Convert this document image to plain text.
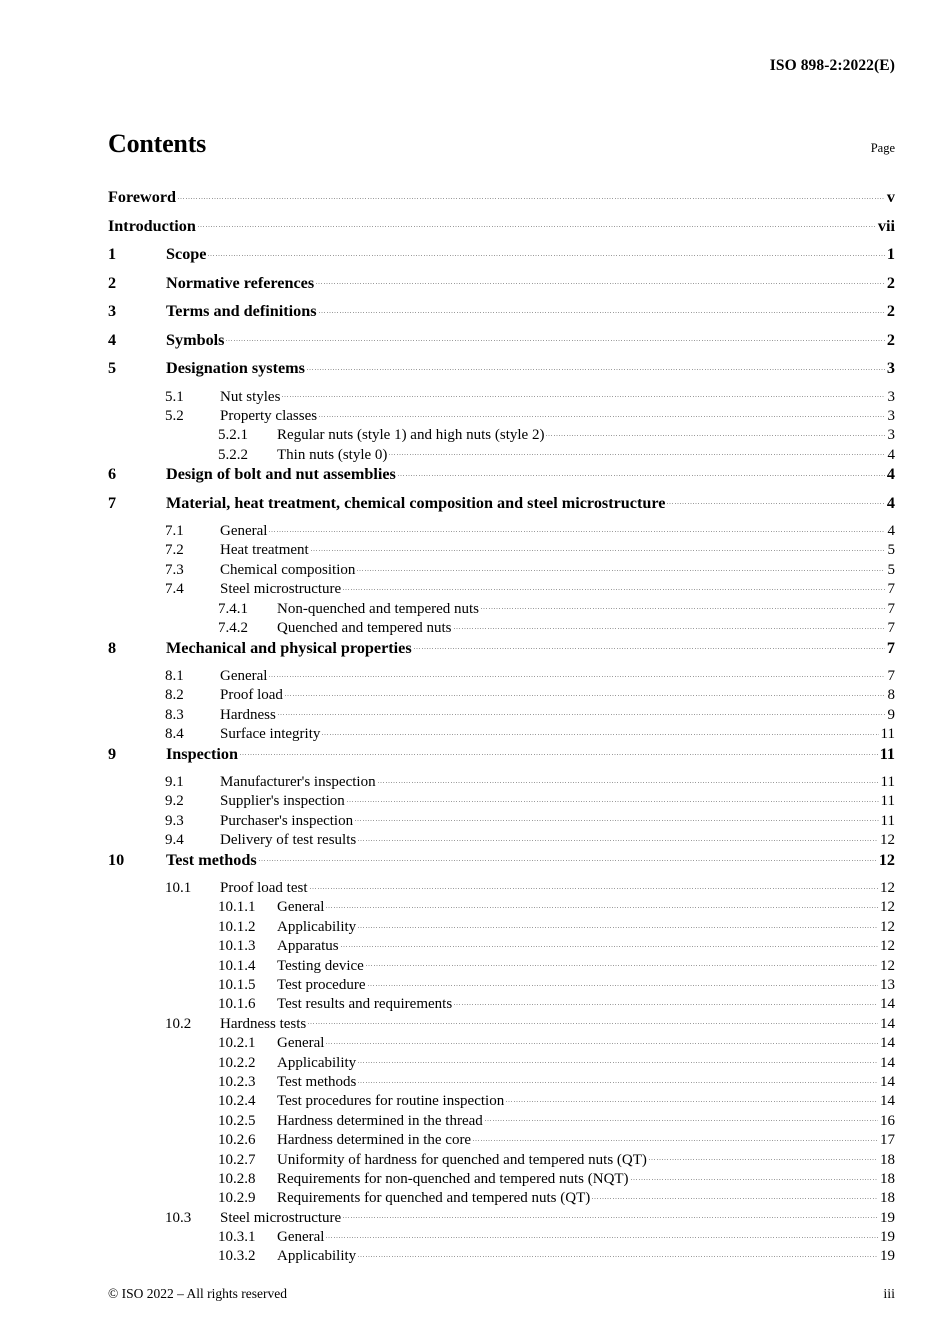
ISO 898-2:2022(E)
Contents	Page
Foreword	v
Introduction	vii
1	Scope	1
2	Normative references	2
3	Terms and definitions	2
4	Symbols	2
5	Designation systems	3
5.1	Nut styles	3
5.2	Property classes	3
5.2.1	Regular nuts (style 1) and high nuts (style 2)	3
5.2.2	Thin nuts (style 0)	4
6	Design of bolt and nut assemblies	4
7	Material, heat treatment, chemical composition and steel microstructure	4
7.1	General	4
7.2	Heat treatment	5
7.3	Chemical composition	5
7.4	Steel microstructure	7
7.4.1	Non-quenched and tempered nuts	7
7.4.2	Quenched and tempered nuts	7
8	Mechanical and physical properties	7
8.1	General	7
8.2	Proof load	8
8.3	Hardness	9
8.4	Surface integrity	11
9	Inspection	11
9.1	Manufacturer's inspection	11
9.2	Supplier's inspection	11
9.3	Purchaser's inspection	11
9.4	Delivery of test results	12
10	Test methods	12
10.1	Proof load test	12
10.1.1	General	12
10.1.2	Applicability	12
10.1.3	Apparatus	12
10.1.4	Testing device	12
10.1.5	Test procedure	13
10.1.6	Test results and requirements	14
10.2	Hardness tests	14
10.2.1	General	14
10.2.2	Applicability	14
10.2.3	Test methods	14
10.2.4	Test procedures for routine inspection	14
10.2.5	Hardness determined in the thread	16
10.2.6	Hardness determined in the core	17
10.2.7	Uniformity of hardness for quenched and tempered nuts (QT)	18
10.2.8	Requirements for non-quenched and tempered nuts (NQT)	18
10.2.9	Requirements for quenched and tempered nuts (QT)	18
10.3	Steel microstructure	19
10.3.1	General	19
10.3.2	Applicability	19
© ISO 2022 – All rights reserved	iii
